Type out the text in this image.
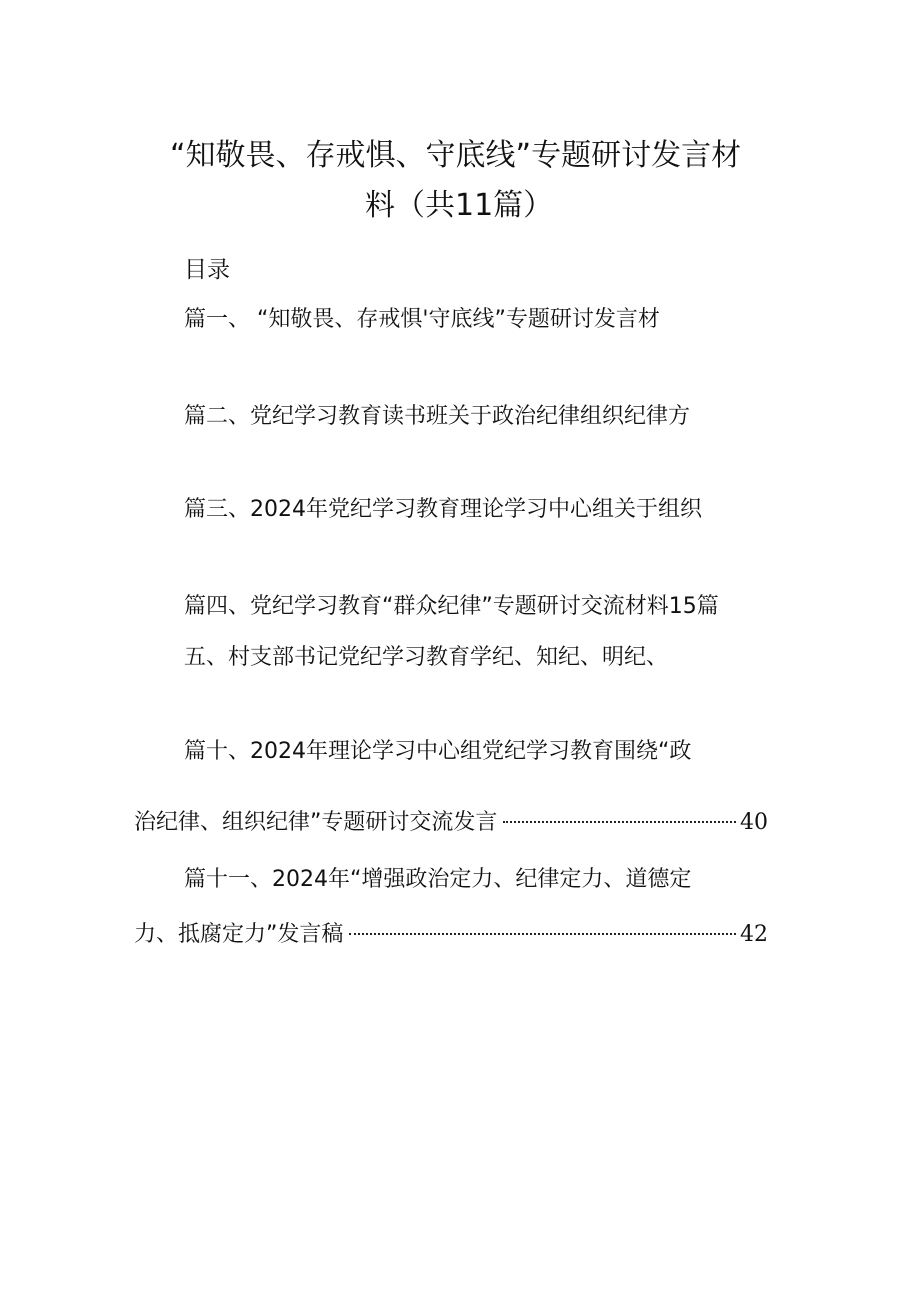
“知敬畏、存戒惧、守底线”专题研讨发言材
料（共11篇）
目录
篇一、 “知敬畏、存戒惧'守底线”专题研讨发言材
篇二、党纪学习教育读书班关于政治纪律组织纪律方
篇三、2024年党纪学习教育理论学习中心组关于组织
篇四、党纪学习教育“群众纪律”专题研讨交流材料15篇
五、村支部书记党纪学习教育学纪、知纪、明纪、
篇十、2024年理论学习中心组党纪学习教育围绕“政
治纪律、组织纪律”专题研讨交流发言	40
篇十一、2024年“增强政治定力、纪律定力、道德定
力、抵腐定力”发言稿	42
